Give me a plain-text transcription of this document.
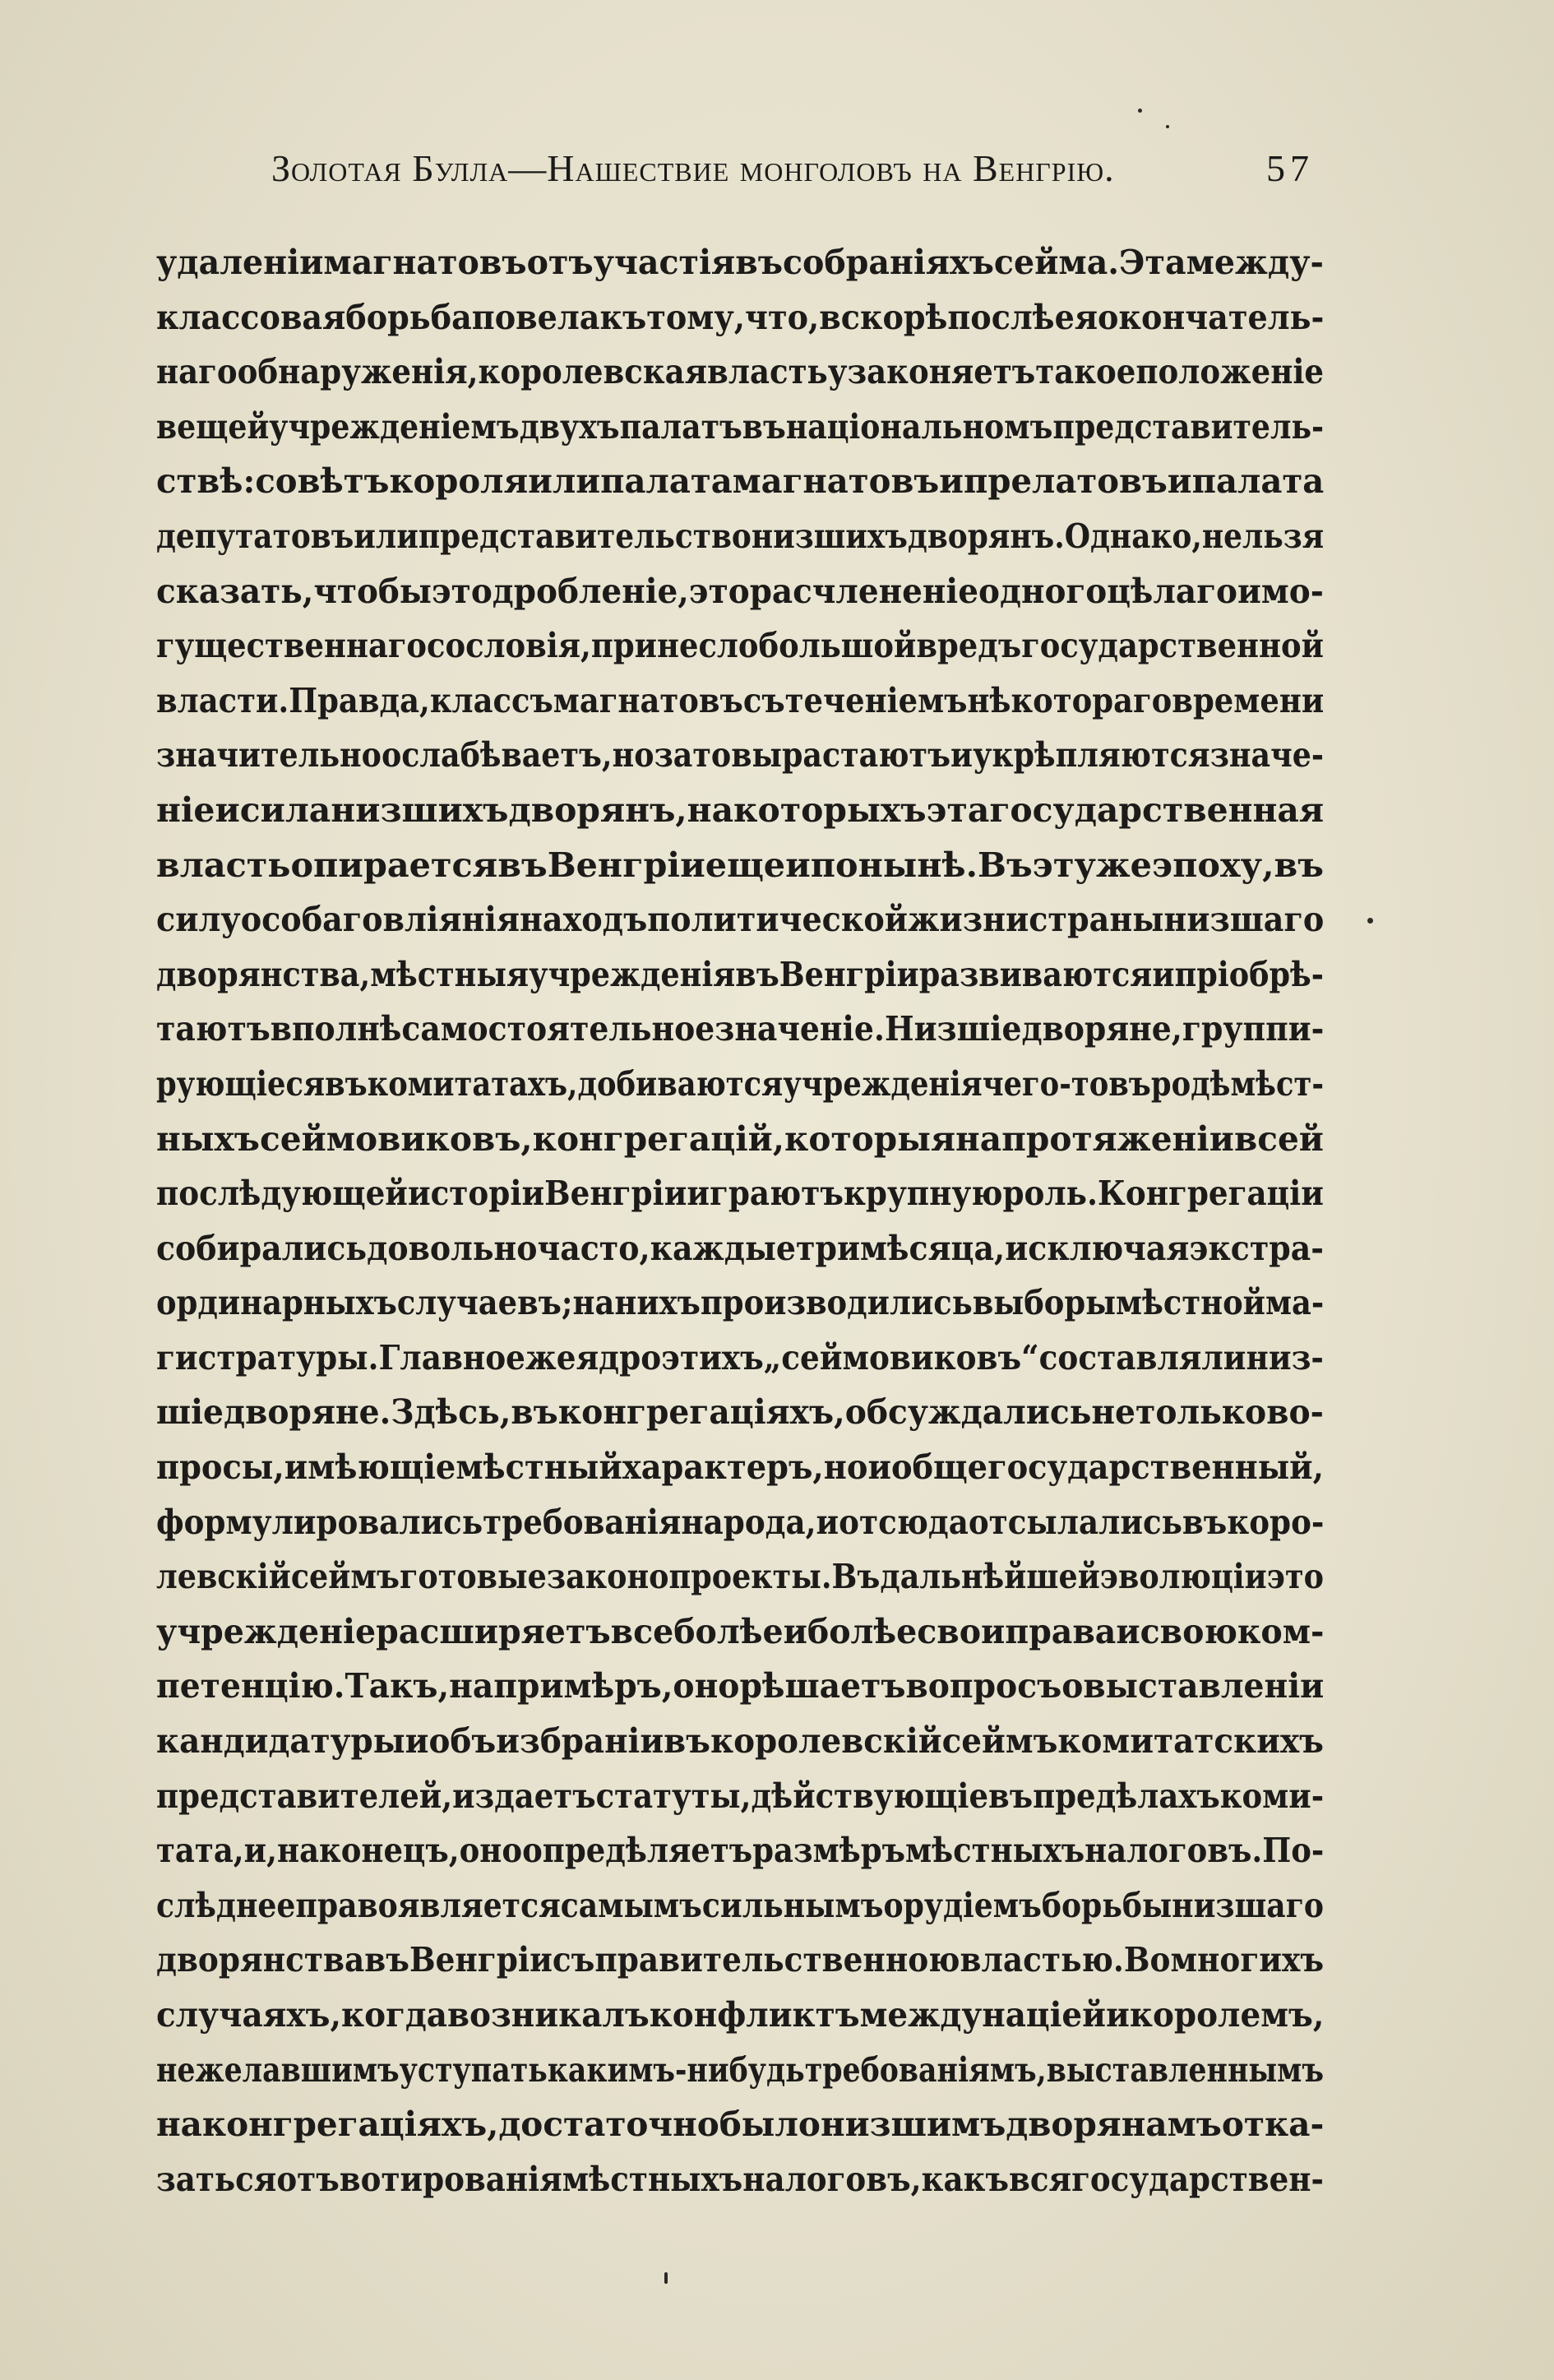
Золотая Булла—Нашествие монголовъ на Венгрію.	57
удаленіи магнатовъ отъ участія въ собраніяхъ сейма. Эта между-
классовая борьба повела къ тому, что, вскорѣ послѣ ея окончатель-
наго обнаруженія, королевская власть узаконяетъ такое положеніе
вещей учрежденіемъ двухъ палатъ въ національномъ представитель-
ствѣ: совѣтъ короля или палата магнатовъ и прелатовъ и палата
депутатовъ или представительство низшихъ дворянъ. Однако, нельзя
сказать, чтобы это дробленіе, это расчлененіе одного цѣлаго и мо-
гущественнаго сословія, принесло большой вредъ государственной
власти. Правда, классъ магнатовъ съ теченіемъ нѣкотораго времени
значительно ослабѣваетъ, но зато вырастаютъ и укрѣпляются значе-
ніе и сила низшихъ дворянъ, на которыхъ эта государственная
власть опирается въ Венгріи еще и понынѣ. Въ эту же эпоху, въ
силу особаго вліянія на ходъ политической жизни страны низшаго
дворянства, мѣстныя учрежденія въ Венгріи развиваются и пріобрѣ-
таютъ вполнѣ самостоятельное значеніе. Низшіе дворяне, группи-
рующіеся въ комитатахъ, добиваются учрежденія чего-то въ родѣ мѣст-
ныхъ сеймовиковъ, конгрегацій, которыя на протяженіи всей
послѣдующей исторіи Венгріи играютъ крупную роль. Конгрегаціи
собирались довольно часто, каждые три мѣсяца, исключая экстра-
ординарныхъ случаевъ; на нихъ производились выборы мѣстной ма-
гистратуры. Главное же ядро этихъ „сеймовиковъ“ составляли низ-
шіе дворяне. Здѣсь, въ конгрегаціяхъ, обсуждались не только во-
просы, имѣющіе мѣстный характеръ, но и общегосударственный,
формулировались требованія народа, и отсюда отсылались въ коро-
левскій сеймъ готовые законопроекты. Въ дальнѣйшей эволюціи это
учрежденіе расширяетъ все болѣе и болѣе свои права и свою ком-
петенцію. Такъ, напримѣръ, оно рѣшаетъ вопросъ о выставленіи
кандидатуры и объ избраніи въ королевскій сеймъ комитатскихъ
представителей, издаетъ статуты, дѣйствующіе въ предѣлахъ коми-
тата, и, наконецъ, оно опредѣляетъ размѣръ мѣстныхъ налоговъ. По-
слѣднее право является самымъ сильнымъ орудіемъ борьбы низшаго
дворянства въ Венгріи съ правительственною властью. Во многихъ
случаяхъ, когда возникалъ конфликтъ между націей и королемъ,
не желавшимъ уступать какимъ-нибудь требованіямъ, выставленнымъ
на конгрегаціяхъ, достаточно было низшимъ дворянамъ отка-
заться отъ вотированія мѣстныхъ налоговъ, какъ вся государствен-
